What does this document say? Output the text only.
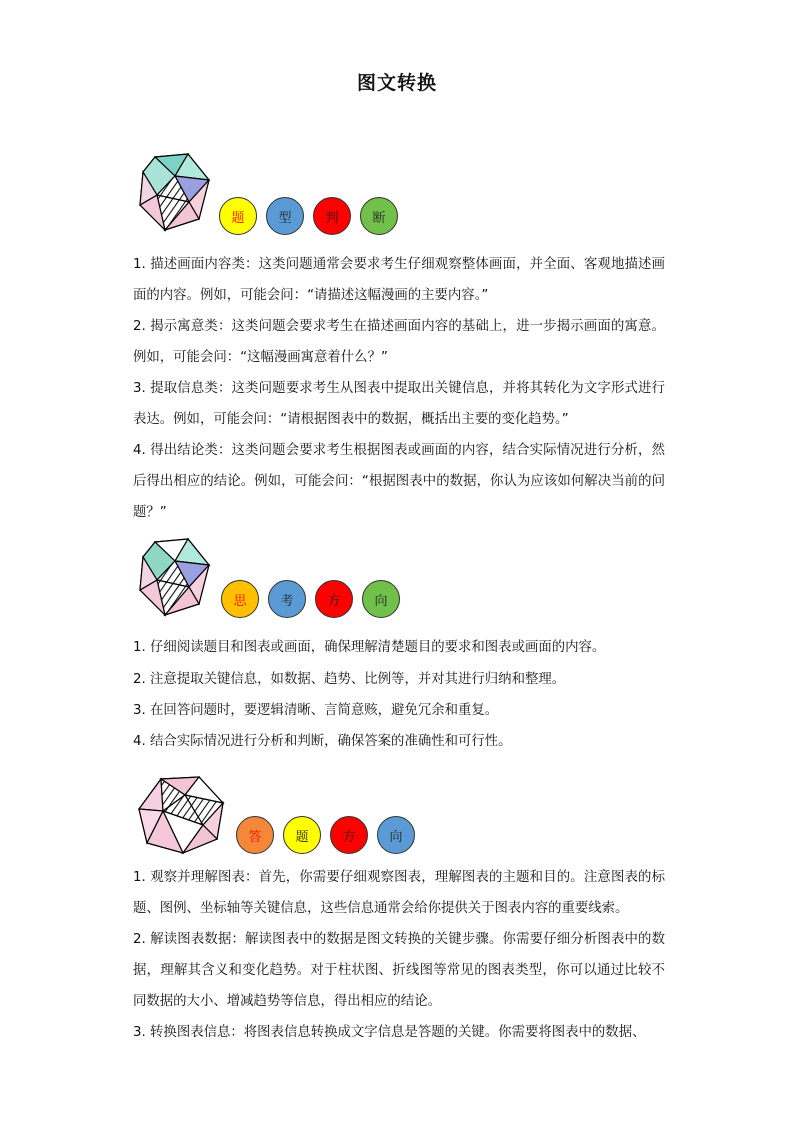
图文转换
题	型	判	断

1. 描述画面内容类：这类问题通常会要求考生仔细观察整体画面，并全面、客观地描述画面的内容。例如，可能会问：“请描述这幅漫画的主要内容。”

2. 揭示寓意类：这类问题会要求考生在描述画面内容的基础上，进一步揭示画面的寓意。例如，可能会问：“这幅漫画寓意着什么？”

3. 提取信息类：这类问题要求考生从图表中提取出关键信息，并将其转化为文字形式进行表达。例如，可能会问：“请根据图表中的数据，概括出主要的变化趋势。”

4. 得出结论类：这类问题会要求考生根据图表或画面的内容，结合实际情况进行分析，然后得出相应的结论。例如，可能会问：“根据图表中的数据，你认为应该如何解决当前的问题？”

思	考	方	向

1. 仔细阅读题目和图表或画面，确保理解清楚题目的要求和图表或画面的内容。

2. 注意提取关键信息，如数据、趋势、比例等，并对其进行归纳和整理。

3. 在回答问题时，要逻辑清晰、言简意赅，避免冗余和重复。

4. 结合实际情况进行分析和判断，确保答案的准确性和可行性。

答	题	方	向

1. 观察并理解图表：首先，你需要仔细观察图表，理解图表的主题和目的。注意图表的标题、图例、坐标轴等关键信息，这些信息通常会给你提供关于图表内容的重要线索。

2. 解读图表数据：解读图表中的数据是图文转换的关键步骤。你需要仔细分析图表中的数据，理解其含义和变化趋势。对于柱状图、折线图等常见的图表类型，你可以通过比较不同数据的大小、增减趋势等信息，得出相应的结论。

3. 转换图表信息：将图表信息转换成文字信息是答题的关键。你需要将图表中的数据、
